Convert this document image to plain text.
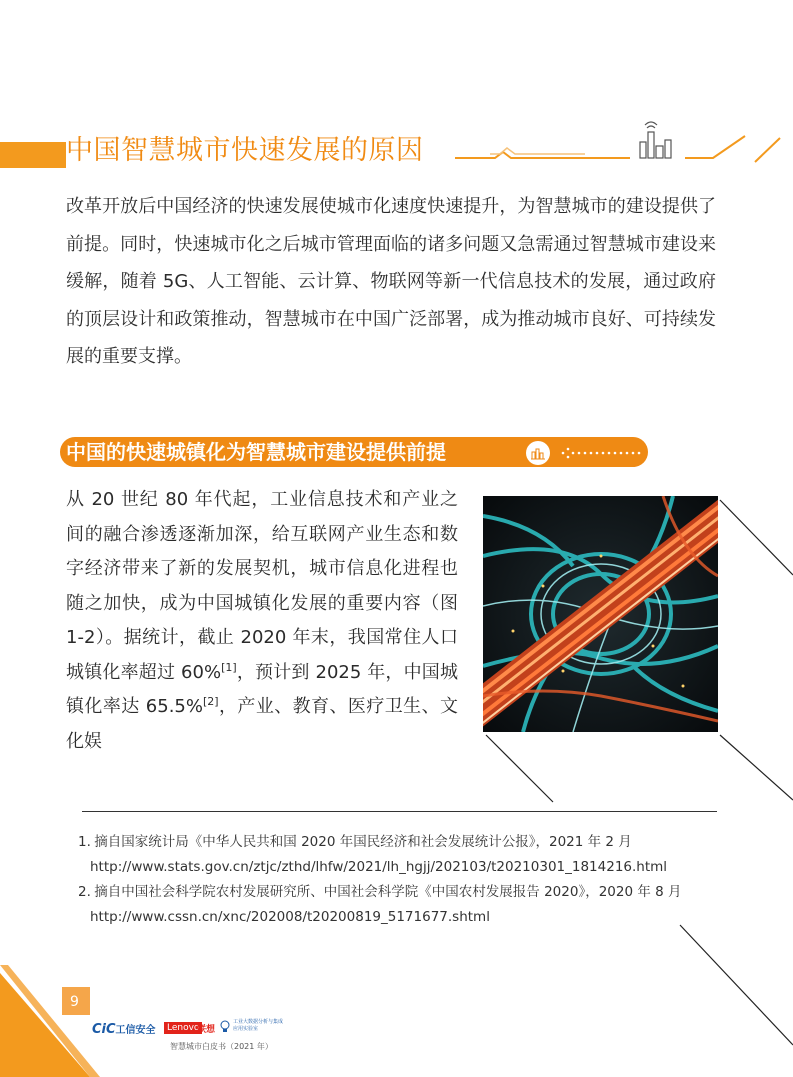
中国智慧城市快速发展的原因
改革开放后中国经济的快速发展使城市化速度快速提升，为智慧城市的建设提供了前提。同时，快速城市化之后城市管理面临的诸多问题又急需通过智慧城市建设来缓解，随着 5G、人工智能、云计算、物联网等新一代信息技术的发展，通过政府的顶层设计和政策推动，智慧城市在中国广泛部署，成为推动城市良好、可持续发展的重要支撑。
中国的快速城镇化为智慧城市建设提供前提
从 20 世纪 80 年代起，工业信息技术和产业之间的融合渗透逐渐加深，给互联网产业生态和数字经济带来了新的发展契机，城市信息化进程也随之加快，成为中国城镇化发展的重要内容（图 1-2）。据统计，截止 2020 年末，我国常住人口城镇化率超过 60%[1]，预计到 2025 年，中国城镇化率达 65.5%[2]，产业、教育、医疗卫生、文化娱
1. 摘自国家统计局《中华人民共和国 2020 年国民经济和社会发展统计公报》，2021 年 2 月
http://www.stats.gov.cn/ztjc/zthd/lhfw/2021/lh_hgjj/202103/t20210301_1814216.html
2. 摘自中国社会科学院农村发展研究所、中国社会科学院《中国农村发展报告 2020》，2020 年 8 月
http://www.cssn.cn/xnc/202008/t20200819_5171677.shtml
9
CiC工信安全	Lenovo
联想
工业大数据分析与集成应用实验室
智慧城市白皮书（2021 年）
